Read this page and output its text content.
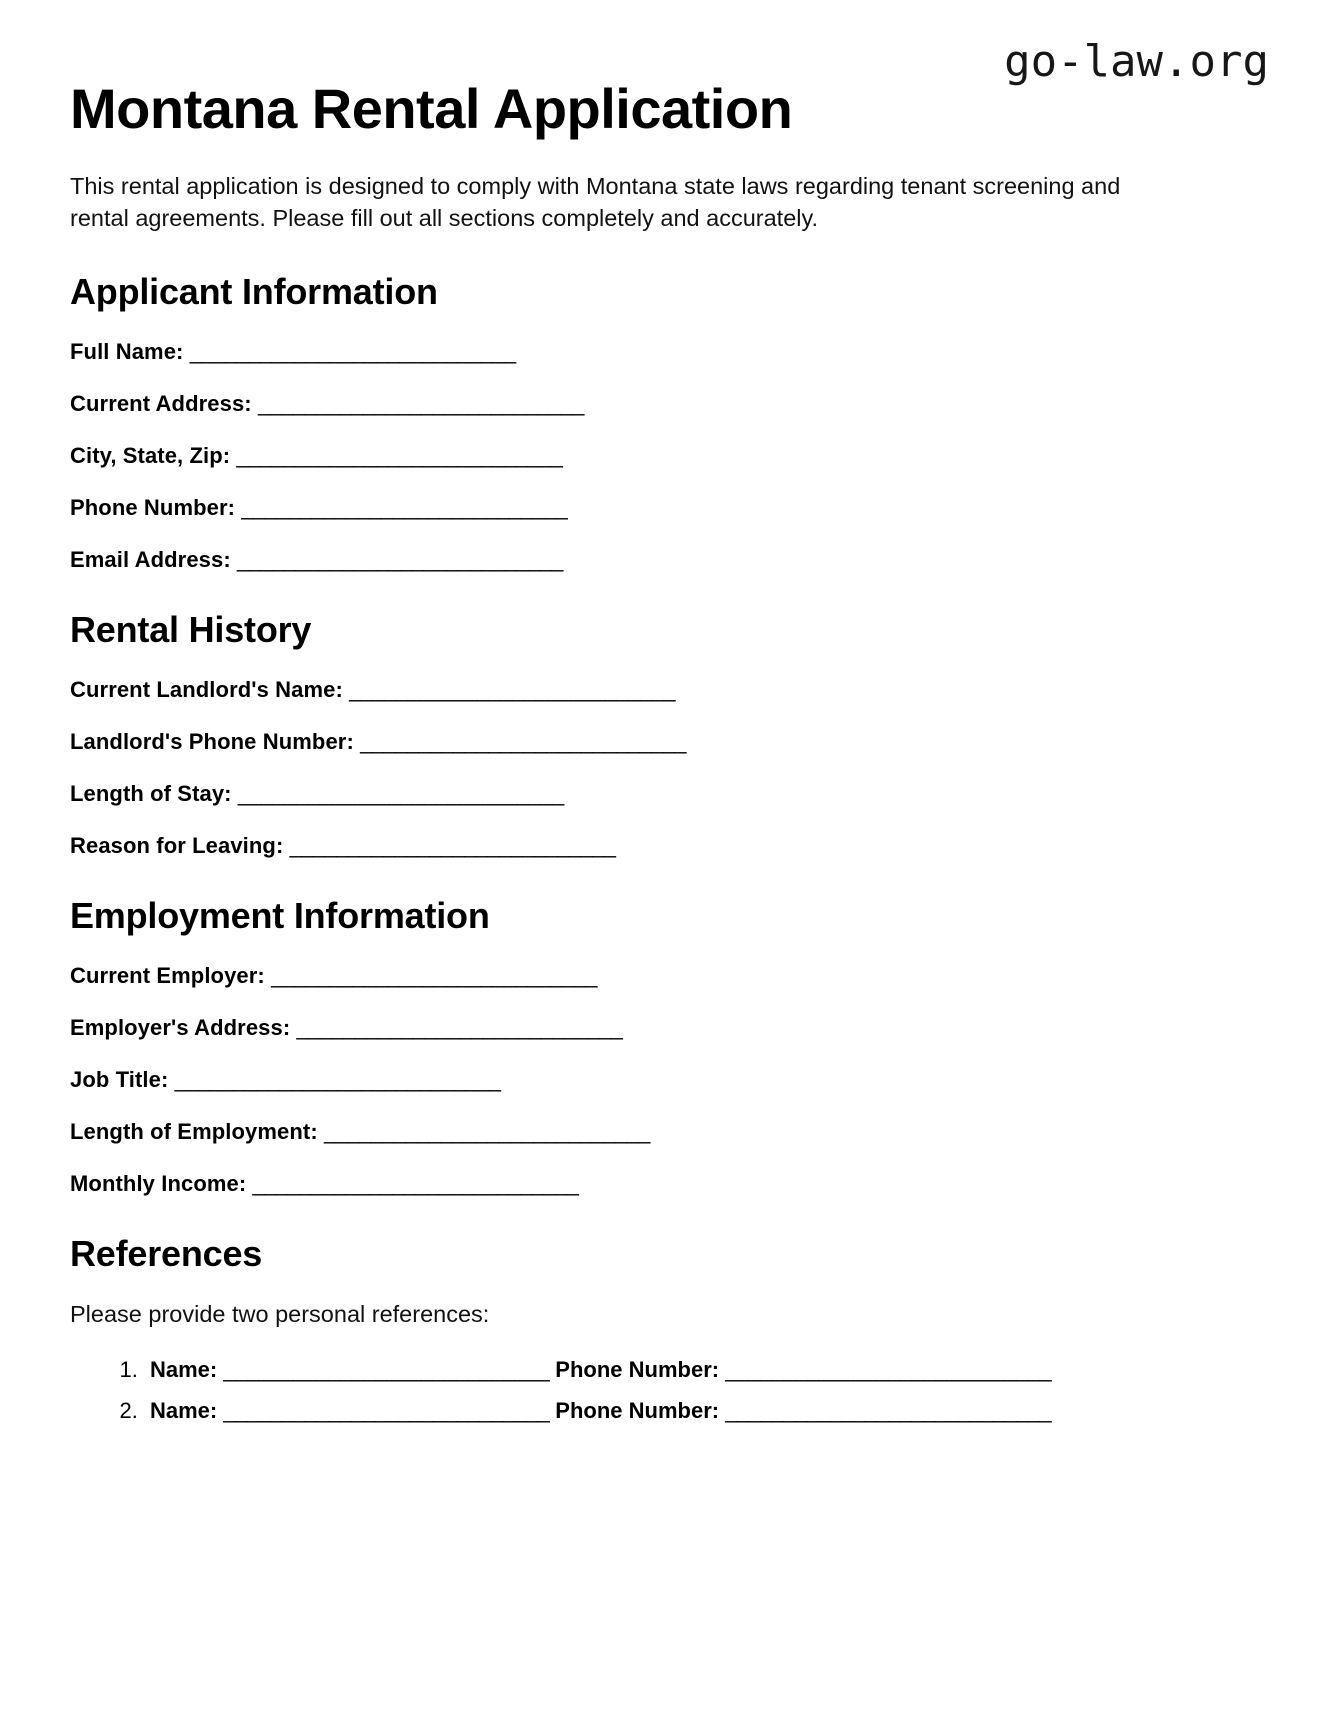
go-law.org
Montana Rental Application

This rental application is designed to comply with Montana state laws regarding tenant screening and rental agreements. Please fill out all sections completely and accurately.

Applicant Information
Full Name: ____________________________
Current Address: ____________________________
City, State, Zip: ____________________________
Phone Number: ____________________________
Email Address: ____________________________
Rental History
Current Landlord's Name: ____________________________
Landlord's Phone Number: ____________________________
Length of Stay: ____________________________
Reason for Leaving: ____________________________
Employment Information
Current Employer: ____________________________
Employer's Address: ____________________________
Job Title: ____________________________
Length of Employment: ____________________________
Monthly Income: ____________________________
References

Please provide two personal references:

1. Name: ____________________________ Phone Number: ____________________________
2. Name: ____________________________ Phone Number: ____________________________
